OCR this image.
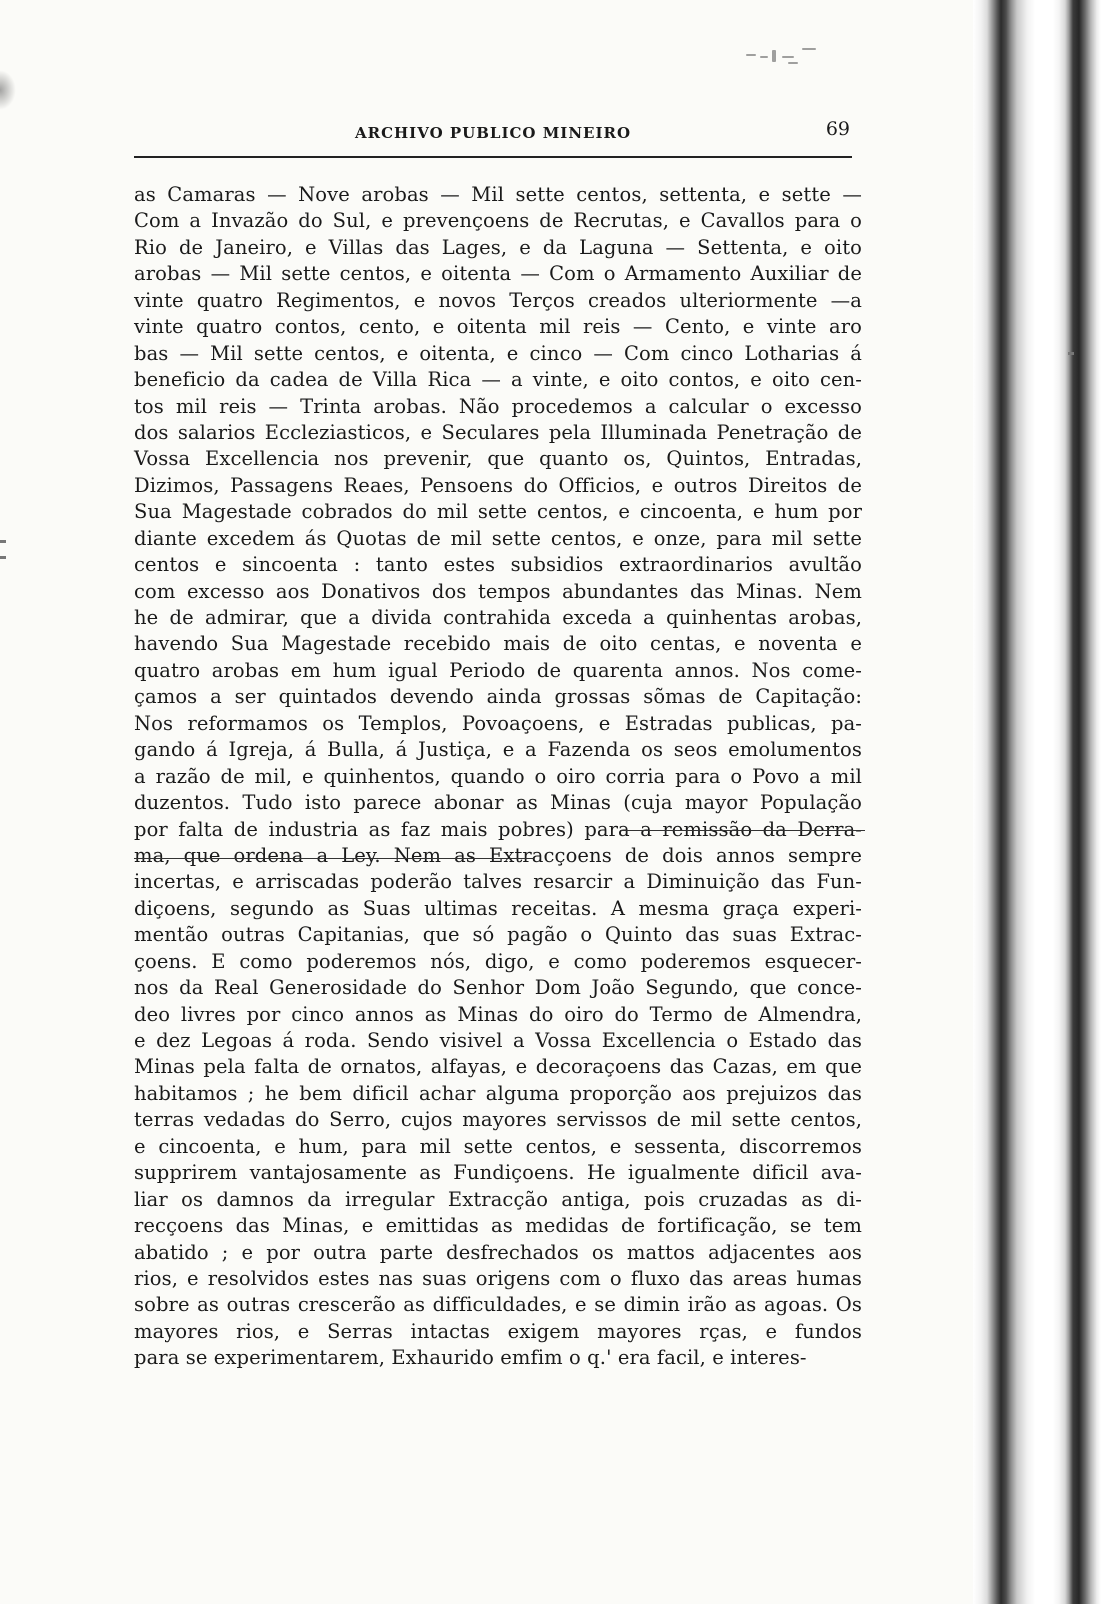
ARCHIVO PUBLICO MINEIRO	69
as Camaras — Nove arobas — Mil sette centos, settenta, e sette —
Com a Invazão do Sul, e prevençoens de Recrutas, e Cavallos para o
Rio de Janeiro, e Villas das Lages, e da Laguna — Settenta, e oito
arobas — Mil sette centos, e oitenta — Com o Armamento Auxiliar de
vinte quatro Regimentos, e novos Terços creados ulteriormente —a
vinte quatro contos, cento, e oitenta mil reis — Cento, e vinte aro
bas — Mil sette centos, e oitenta, e cinco — Com cinco Lotharias á
beneficio da cadea de Villa Rica — a vinte, e oito contos, e oito cen-
tos mil reis — Trinta arobas. Não procedemos a calcular o excesso
dos salarios Eccleziasticos, e Seculares pela Illuminada Penetração de
Vossa Excellencia nos prevenir, que quanto os, Quintos, Entradas,
Dizimos, Passagens Reaes, Pensoens do Officios, e outros Direitos de
Sua Magestade cobrados do mil sette centos, e cincoenta, e hum por
diante excedem ás Quotas de mil sette centos, e onze, para mil sette
centos e sincoenta : tanto estes subsidios extraordinarios avultão
com excesso aos Donativos dos tempos abundantes das Minas. Nem
he de admirar, que a divida contrahida exceda a quinhentas arobas,
havendo Sua Magestade recebido mais de oito centas, e noventa e
quatro arobas em hum igual Periodo de quarenta annos. Nos come-
çamos a ser quintados devendo ainda grossas sõmas de Capitação:
Nos reformamos os Templos, Povoaçoens, e Estradas publicas, pa-
gando á Igreja, á Bulla, á Justiça, e a Fazenda os seos emolumentos
a razão de mil, e quinhentos, quando o oiro corria para o Povo a mil
duzentos. Tudo isto parece abonar as Minas (cuja mayor População
por falta de industria as faz mais pobres) para a remissão da Derra-
ma, que ordena a Ley. Nem as Extracçoens de dois annos sempre
incertas, e arriscadas poderão talves resarcir a Diminuição das Fun-
diçoens, segundo as Suas ultimas receitas. A mesma graça experi-
mentão outras Capitanias, que só pagão o Quinto das suas Extrac-
çoens. E como poderemos nós, digo, e como poderemos esquecer-
nos da Real Generosidade do Senhor Dom João Segundo, que conce-
deo livres por cinco annos as Minas do oiro do Termo de Almendra,
e dez Legoas á roda. Sendo visivel a Vossa Excellencia o Estado das
Minas pela falta de ornatos, alfayas, e decoraçoens das Cazas, em que
habitamos ; he bem dificil achar alguma proporção aos prejuizos das
terras vedadas do Serro, cujos mayores servissos de mil sette centos,
e cincoenta, e hum, para mil sette centos, e sessenta, discorremos
supprirem vantajosamente as Fundiçoens. He igualmente dificil ava-
liar os damnos da irregular Extracção antiga, pois cruzadas as di-
recçoens das Minas, e emittidas as medidas de fortificação, se tem
abatido ; e por outra parte desfrechados os mattos adjacentes aos
rios, e resolvidos estes nas suas origens com o fluxo das areas humas
sobre as outras crescerão as difficuldades, e se dimin irão as agoas. Os
mayores rios, e Serras intactas exigem mayores rças, e fundos
para se experimentarem, Exhaurido emfim o q.' era facil, e interes-
